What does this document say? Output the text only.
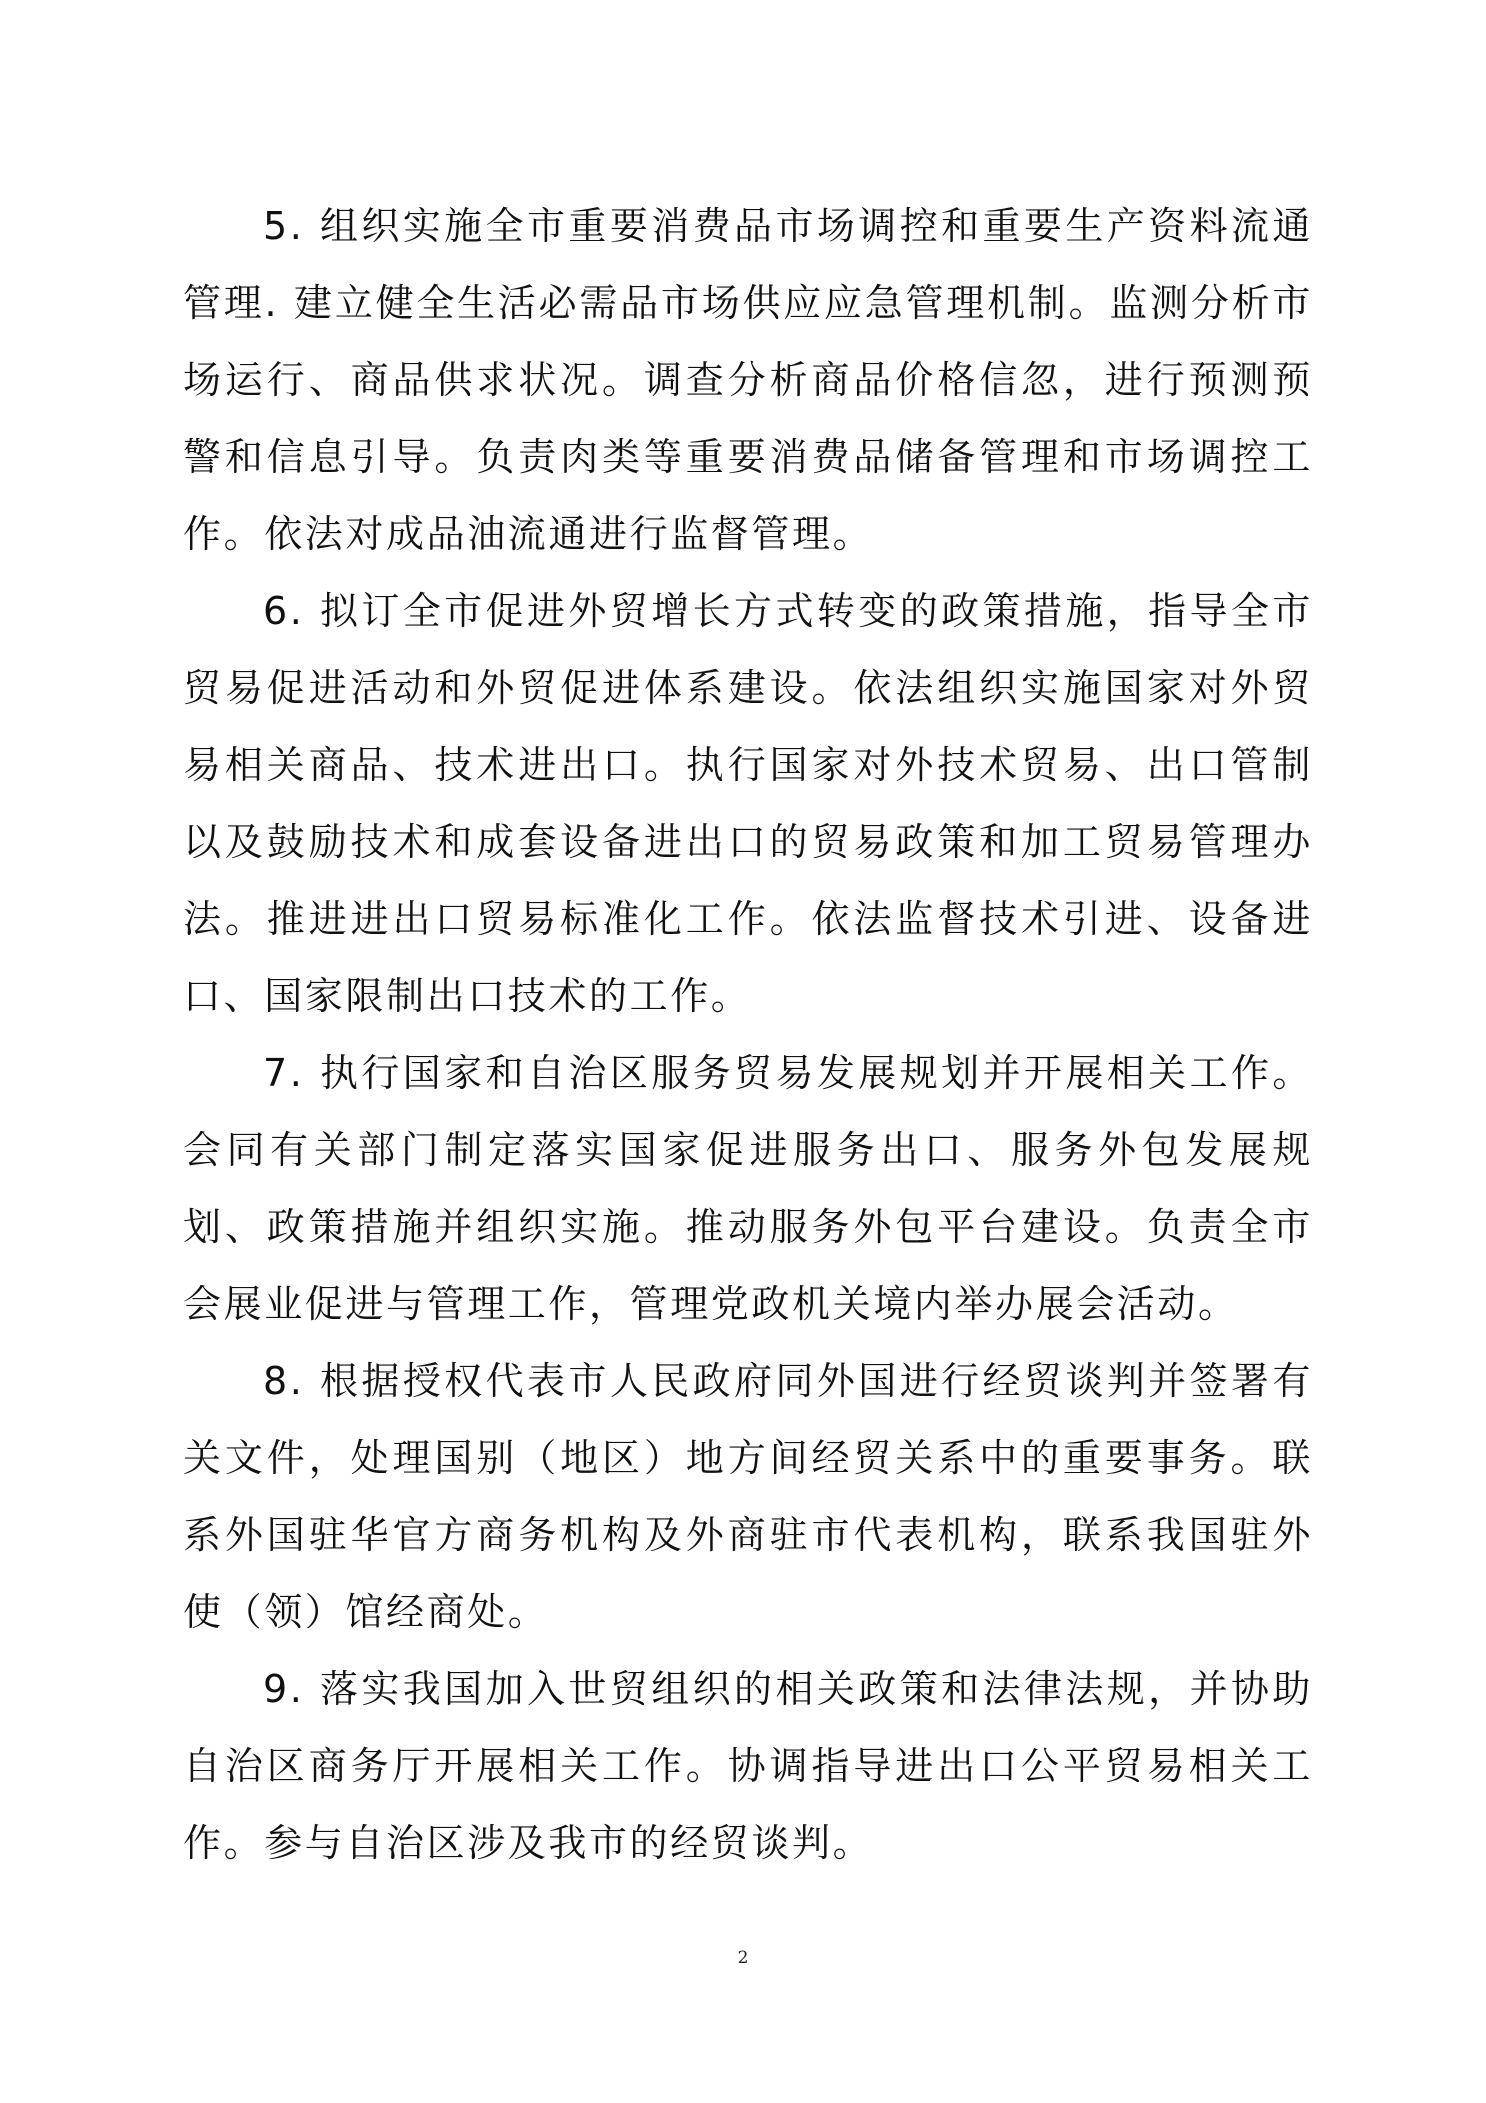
5. 组织实施全市重要消费品市场调控和重要生产资料流通管理. 建立健全生活必需品市场供应应急管理机制。监测分析市场运行、商品供求状况。调查分析商品价格信忽，进行预测预警和信息引导。负责肉类等重要消费品储备管理和市场调控工作。依法对成品油流通进行监督管理。

6. 拟订全市促进外贸增长方式转变的政策措施，指导全市贸易促进活动和外贸促进体系建设。依法组织实施国家对外贸易相关商品、技术进出口。执行国家对外技术贸易、出口管制以及鼓励技术和成套设备进出口的贸易政策和加工贸易管理办法。推进进出口贸易标准化工作。依法监督技术引进、设备进口、国家限制出口技术的工作。

7. 执行国家和自治区服务贸易发展规划并开展相关工作。会同有关部门制定落实国家促进服务出口、服务外包发展规划、政策措施并组织实施。推动服务外包平台建设。负责全市会展业促进与管理工作，管理党政机关境内举办展会活动。

8. 根据授权代表市人民政府同外国进行经贸谈判并签署有关文件，处理国别（地区）地方间经贸关系中的重要事务。联系外国驻华官方商务机构及外商驻市代表机构，联系我国驻外使（领）馆经商处。

9. 落实我国加入世贸组织的相关政策和法律法规，并协助自治区商务厅开展相关工作。协调指导进出口公平贸易相关工作。参与自治区涉及我市的经贸谈判。

2
